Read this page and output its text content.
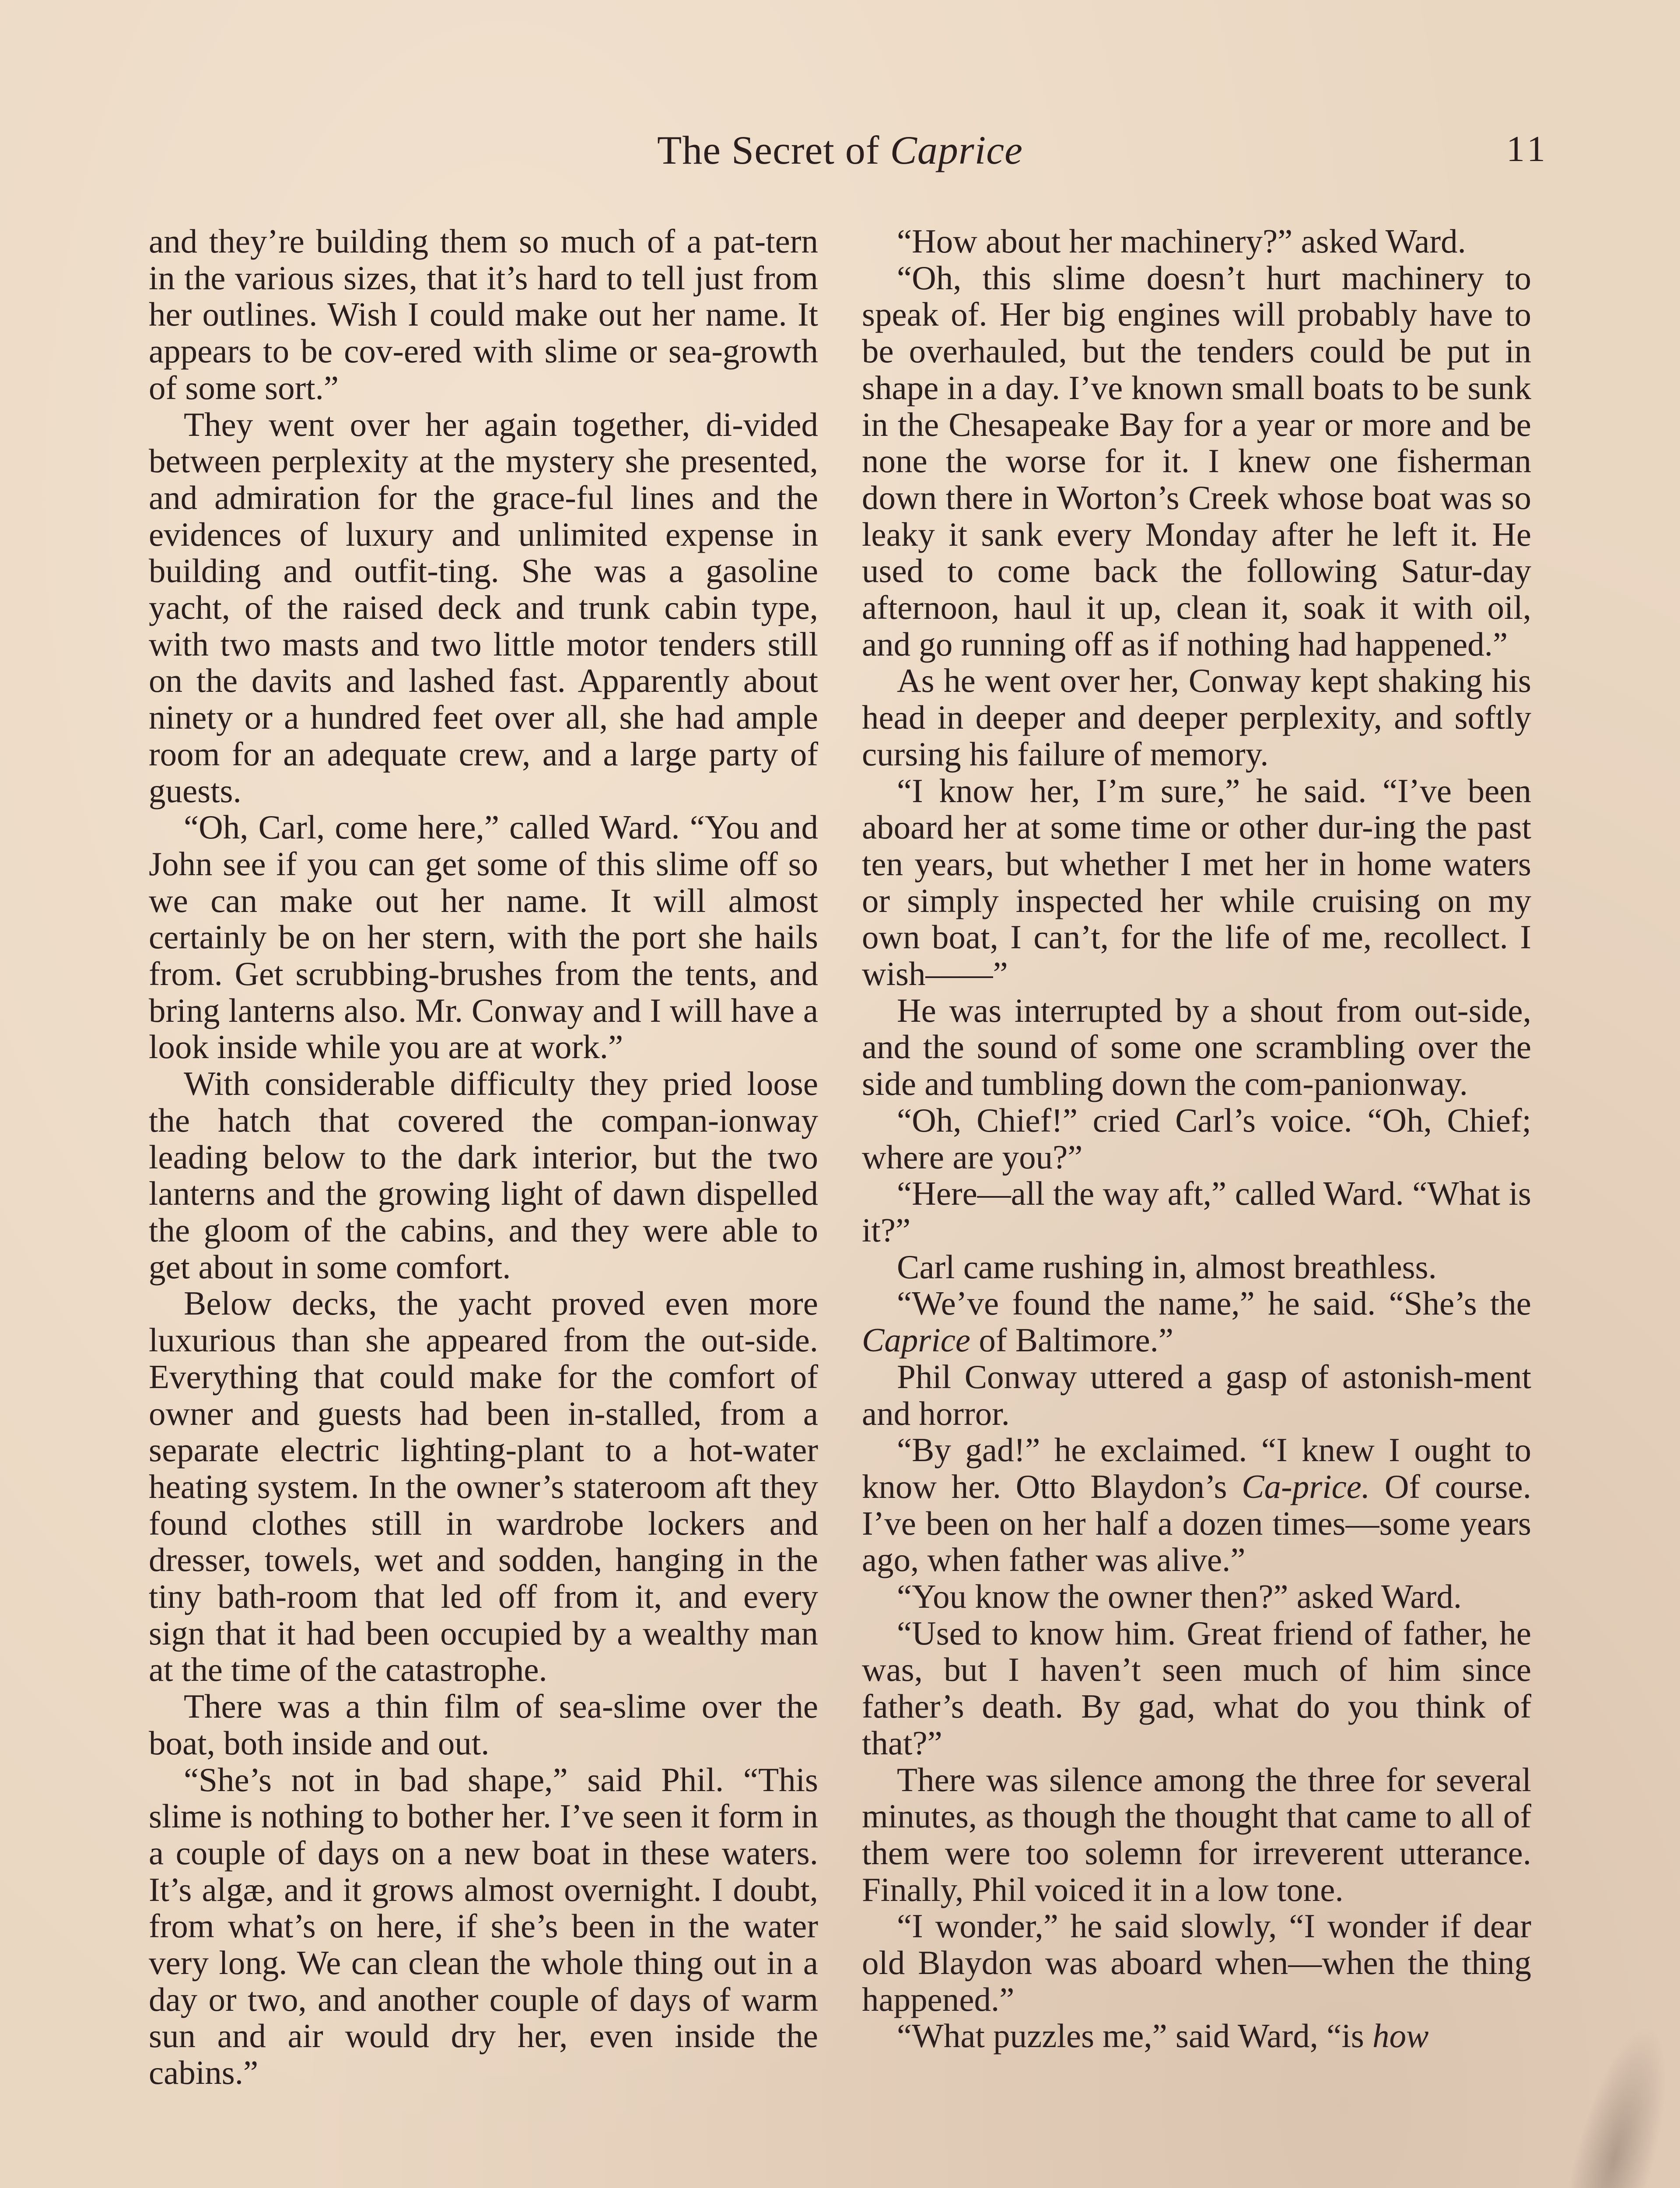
The Secret of Caprice	11

and they’re building them so much of a pat-tern in the various sizes, that it’s hard to tell just from her outlines. Wish I could make out her name. It appears to be cov-ered with slime or sea-growth of some sort.”

They went over her again together, di-vided between perplexity at the mystery she presented, and admiration for the grace-ful lines and the evidences of luxury and unlimited expense in building and outfit-ting. She was a gasoline yacht, of the raised deck and trunk cabin type, with two masts and two little motor tenders still on the davits and lashed fast. Apparently about ninety or a hundred feet over all, she had ample room for an adequate crew, and a large party of guests.

“Oh, Carl, come here,” called Ward. “You and John see if you can get some of this slime off so we can make out her name. It will almost certainly be on her stern, with the port she hails from. Get scrubbing-brushes from the tents, and bring lanterns also. Mr. Conway and I will have a look inside while you are at work.”

With considerable difficulty they pried loose the hatch that covered the compan-ionway leading below to the dark interior, but the two lanterns and the growing light of dawn dispelled the gloom of the cabins, and they were able to get about in some comfort.

Below decks, the yacht proved even more luxurious than she appeared from the out-side. Everything that could make for the comfort of owner and guests had been in-stalled, from a separate electric lighting-plant to a hot-water heating system. In the owner’s stateroom aft they found clothes still in wardrobe lockers and dresser, towels, wet and sodden, hanging in the tiny bath-room that led off from it, and every sign that it had been occupied by a wealthy man at the time of the catastrophe.

There was a thin film of sea-slime over the boat, both inside and out.

“She’s not in bad shape,” said Phil. “This slime is nothing to bother her. I’ve seen it form in a couple of days on a new boat in these waters. It’s algæ, and it grows almost overnight. I doubt, from what’s on here, if she’s been in the water very long. We can clean the whole thing out in a day or two, and another couple of days of warm sun and air would dry her, even inside the cabins.”

“How about her machinery?” asked Ward.

“Oh, this slime doesn’t hurt machinery to speak of. Her big engines will probably have to be overhauled, but the tenders could be put in shape in a day. I’ve known small boats to be sunk in the Chesapeake Bay for a year or more and be none the worse for it. I knew one fisherman down there in Worton’s Creek whose boat was so leaky it sank every Monday after he left it. He used to come back the following Satur-day afternoon, haul it up, clean it, soak it with oil, and go running off as if nothing had happened.”

As he went over her, Conway kept shaking his head in deeper and deeper perplexity, and softly cursing his failure of memory.

“I know her, I’m sure,” he said. “I’ve been aboard her at some time or other dur-ing the past ten years, but whether I met her in home waters or simply inspected her while cruising on my own boat, I can’t, for the life of me, recollect. I wish——”

He was interrupted by a shout from out-side, and the sound of some one scrambling over the side and tumbling down the com-panionway.

“Oh, Chief!” cried Carl’s voice. “Oh, Chief; where are you?”

“Here—all the way aft,” called Ward. “What is it?”

Carl came rushing in, almost breathless.

“We’ve found the name,” he said. “She’s the Caprice of Baltimore.”

Phil Conway uttered a gasp of astonish-ment and horror.

“By gad!” he exclaimed. “I knew I ought to know her. Otto Blaydon’s Ca-price. Of course. I’ve been on her half a dozen times—some years ago, when father was alive.”

“You know the owner then?” asked Ward.

“Used to know him. Great friend of father, he was, but I haven’t seen much of him since father’s death. By gad, what do you think of that?”

There was silence among the three for several minutes, as though the thought that came to all of them were too solemn for irreverent utterance. Finally, Phil voiced it in a low tone.

“I wonder,” he said slowly, “I wonder if dear old Blaydon was aboard when—when the thing happened.”

“What puzzles me,” said Ward, “is how
